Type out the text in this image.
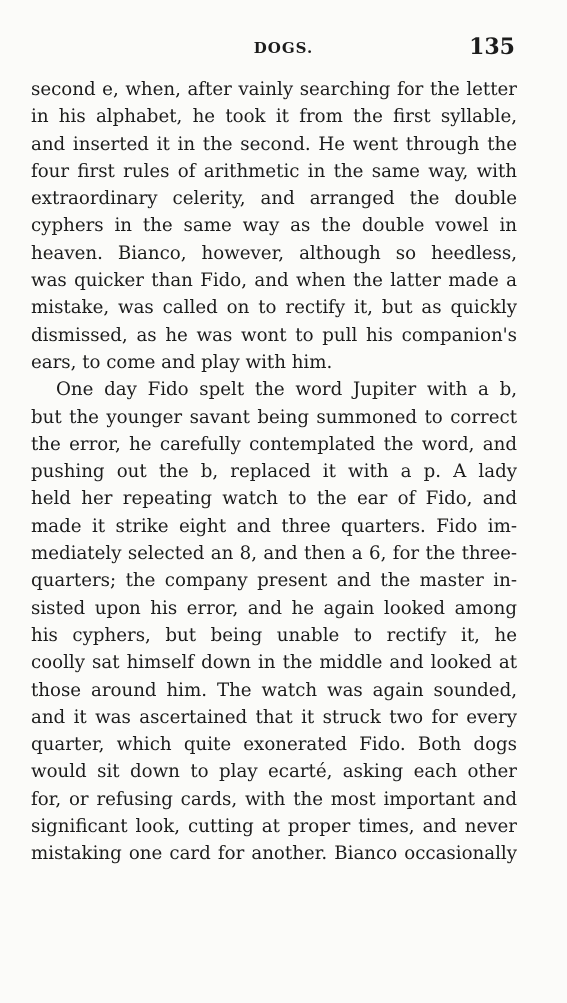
DOGS.	135
second e, when, after vainly searching for the letter
in his alphabet, he took it from the first syllable,
and inserted it in the second. He went through the
four first rules of arithmetic in the same way, with
extraordinary celerity, and arranged the double
cyphers in the same way as the double vowel in
heaven. Bianco, however, although so heedless,
was quicker than Fido, and when the latter made a
mistake, was called on to rectify it, but as quickly
dismissed, as he was wont to pull his companion's
ears, to come and play with him.
One day Fido spelt the word Jupiter with a b,
but the younger savant being summoned to correct
the error, he carefully contemplated the word, and
pushing out the b, replaced it with a p. A lady
held her repeating watch to the ear of Fido, and
made it strike eight and three quarters. Fido im-
mediately selected an 8, and then a 6, for the three-
quarters; the company present and the master in-
sisted upon his error, and he again looked among
his cyphers, but being unable to rectify it, he
coolly sat himself down in the middle and looked at
those around him. The watch was again sounded,
and it was ascertained that it struck two for every
quarter, which quite exonerated Fido. Both dogs
would sit down to play ecarté, asking each other
for, or refusing cards, with the most important and
significant look, cutting at proper times, and never
mistaking one card for another. Bianco occasionally
